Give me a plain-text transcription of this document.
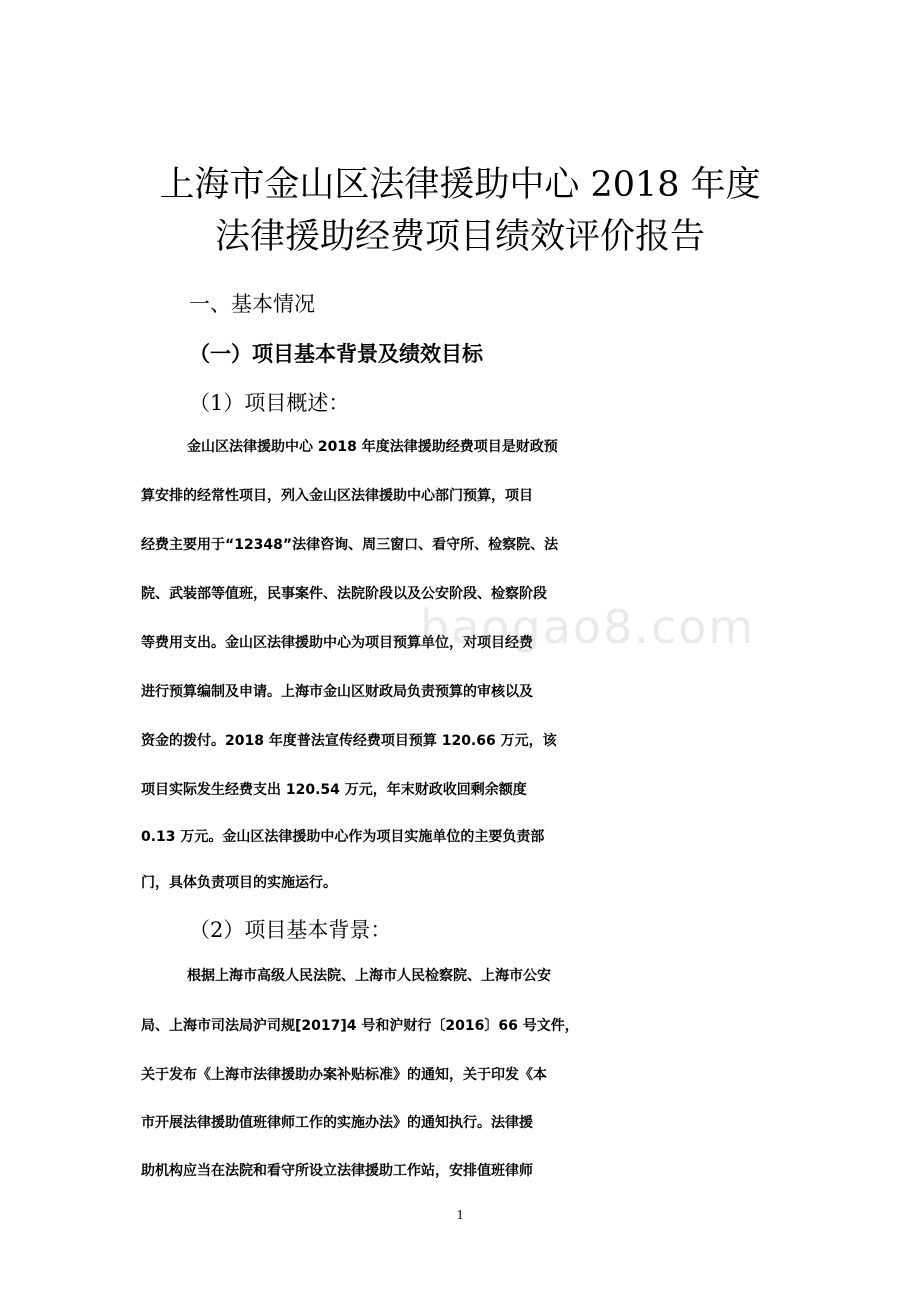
上海市金山区法律援助中心 2018 年度
法律援助经费项目绩效评价报告

一、基本情况

（一）项目基本背景及绩效目标

（1）项目概述：

金山区法律援助中心 2018 年度法律援助经费项目是财政预

算安排的经常性项目，列入金山区法律援助中心部门预算，项目

经费主要用于“12348”法律咨询、周三窗口、看守所、检察院、法

院、武装部等值班，民事案件、法院阶段以及公安阶段、检察阶段

等费用支出。金山区法律援助中心为项目预算单位，对项目经费

进行预算编制及申请。上海市金山区财政局负责预算的审核以及

资金的拨付。2018 年度普法宣传经费项目预算 120.66 万元，该

项目实际发生经费支出 120.54 万元，年末财政收回剩余额度

0.13 万元。金山区法律援助中心作为项目实施单位的主要负责部

门，具体负责项目的实施运行。

（2）项目基本背景：

根据上海市高级人民法院、上海市人民检察院、上海市公安

局、上海市司法局沪司规[2017]4 号和沪财行〔2016〕66 号文件，

关于发布《上海市法律援助办案补贴标准》的通知，关于印发《本

市开展法律援助值班律师工作的实施办法》的通知执行。法律援

助机构应当在法院和看守所设立法律援助工作站，安排值班律师

baogao8.com
1
